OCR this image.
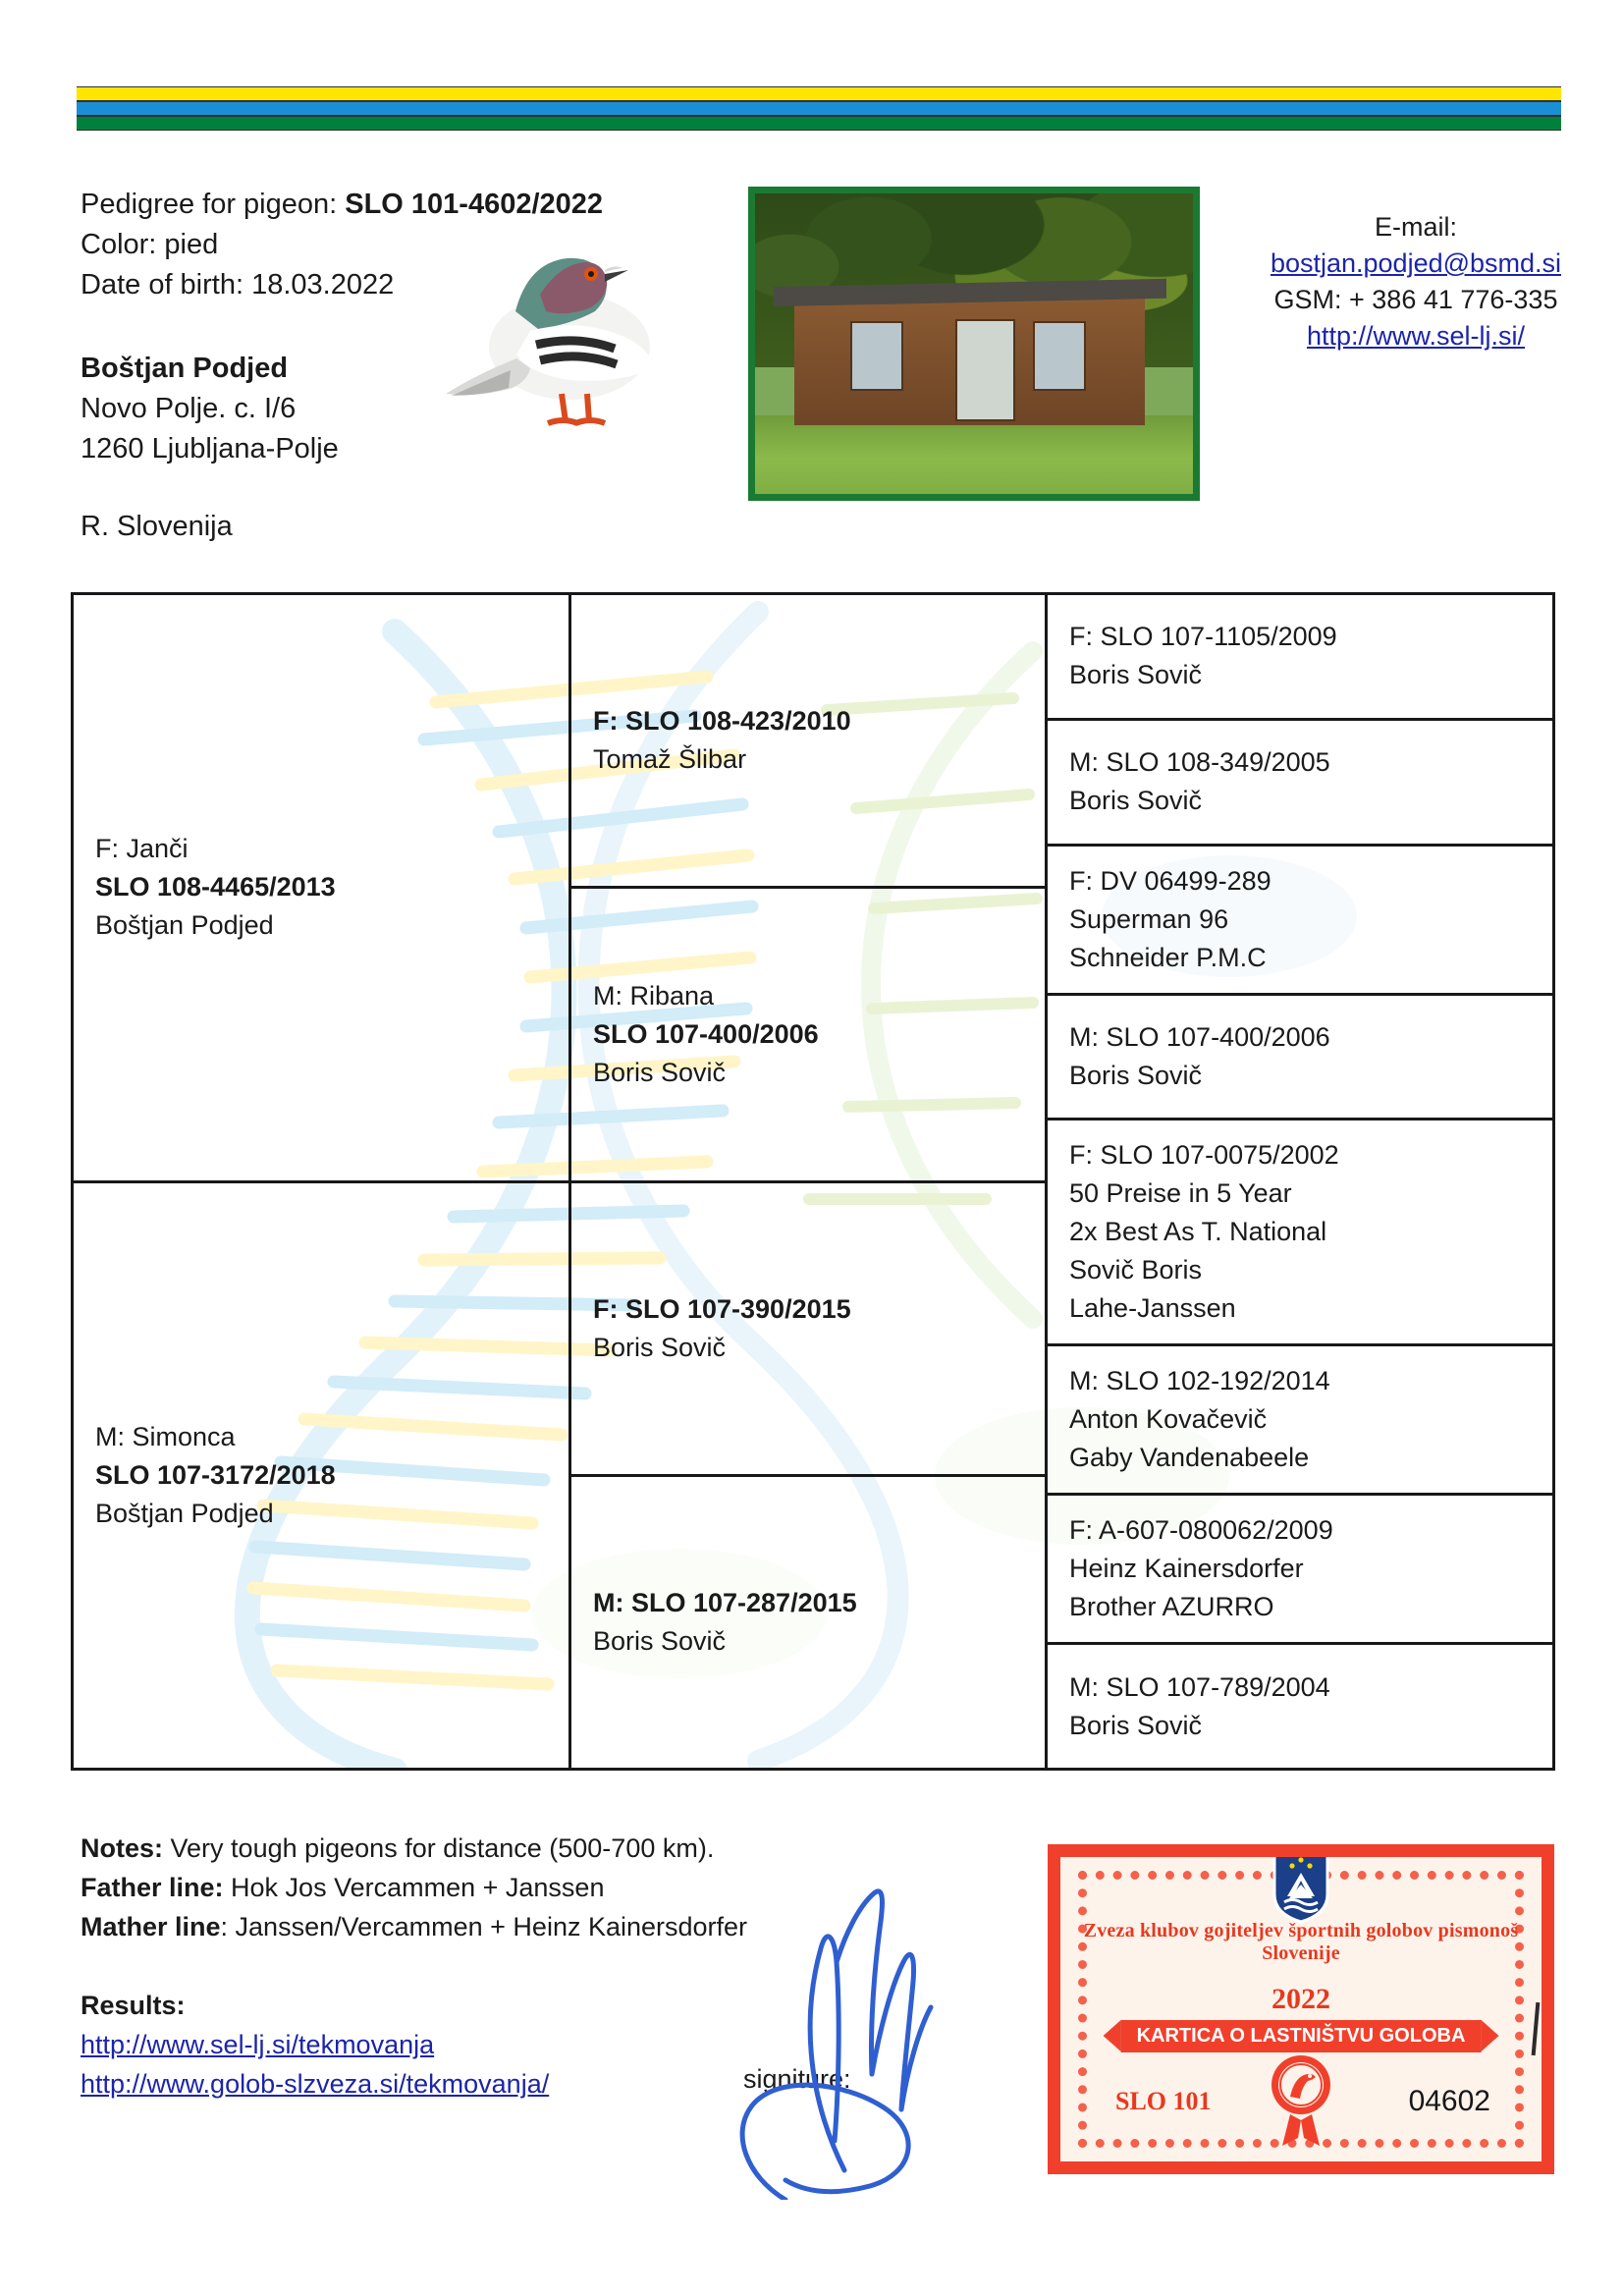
Pedigree for pigeon: SLO 101-4602/2022
Color: pied
Date of birth: 18.03.2022
Boštjan Podjed
Novo Polje. c. I/6
1260 Ljubljana-Polje
R. Slovenija
E-mail:
bostjan.podjed@bsmd.si
GSM: + 386 41 776-335
http://www.sel-lj.si/
F: Janči
SLO 108-4465/2013
Boštjan Podjed
M: Simonca
SLO 107-3172/2018
Boštjan Podjed
F: SLO 108-423/2010
Tomaž Šlibar
M: Ribana
SLO 107-400/2006
Boris Sovič
F: SLO 107-390/2015
Boris Sovič
M: SLO 107-287/2015
Boris Sovič
F: SLO 107-1105/2009
Boris Sovič
M: SLO 108-349/2005
Boris Sovič
F: DV 06499-289
Superman 96
Schneider P.M.C
M: SLO 107-400/2006
Boris Sovič
F: SLO 107-0075/2002
50 Preise in 5 Year
2x Best As T. National
Sovič Boris
Lahe-Janssen
M: SLO 102-192/2014
Anton Kovačevič
Gaby Vandenabeele
F: A-607-080062/2009
Heinz Kainersdorfer
Brother AZURRO
M: SLO 107-789/2004
Boris Sovič
Notes: Very tough pigeons for distance (500-700 km).
Father line: Hok Jos Vercammen + Janssen
Mather line: Janssen/Vercammen + Heinz Kainersdorfer
Results:
http://www.sel-lj.si/tekmovanja
http://www.golob-slzveza.si/tekmovanja/	signiture:
Zveza klubov gojiteljev športnih golobov pismonoš Slovenije
2022
KARTICA O LASTNIŠTVU GOLOBA
SLO 101	04602
